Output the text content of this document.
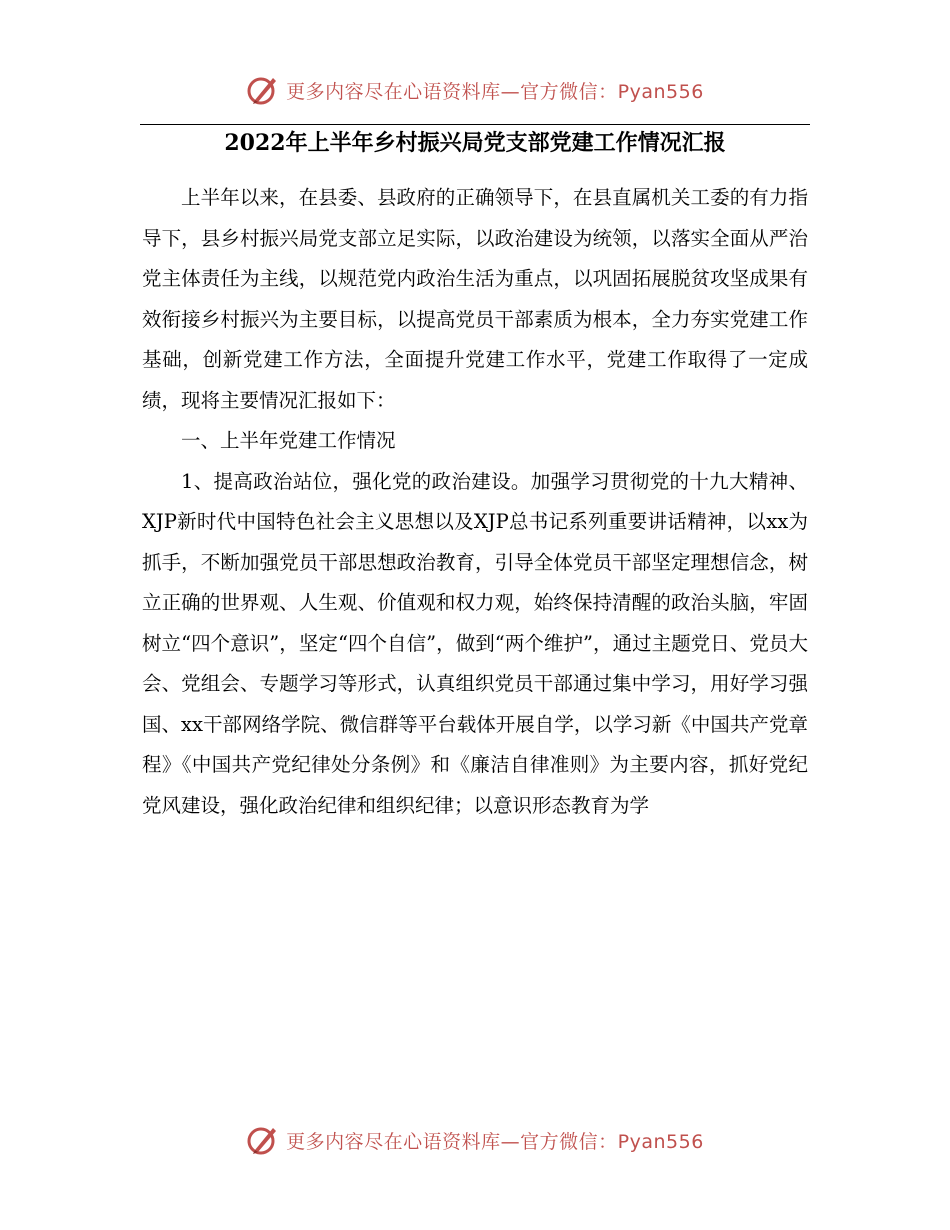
更多内容尽在心语资料库—官方微信：Pyan556
2022年上半年乡村振兴局党支部党建工作情况汇报

上半年以来，在县委、县政府的正确领导下，在县直属机关工委的有力指导下，县乡村振兴局党支部立足实际，以政治建设为统领，以落实全面从严治党主体责任为主线，以规范党内政治生活为重点，以巩固拓展脱贫攻坚成果有效衔接乡村振兴为主要目标，以提高党员干部素质为根本，全力夯实党建工作基础，创新党建工作方法，全面提升党建工作水平，党建工作取得了一定成绩，现将主要情况汇报如下：

一、上半年党建工作情况

1、提高政治站位，强化党的政治建设。加强学习贯彻党的十九大精神、XJP新时代中国特色社会主义思想以及XJP总书记系列重要讲话精神，以xx为抓手，不断加强党员干部思想政治教育，引导全体党员干部坚定理想信念，树立正确的世界观、人生观、价值观和权力观，始终保持清醒的政治头脑，牢固树立“四个意识”，坚定“四个自信”，做到“两个维护”，通过主题党日、党员大会、党组会、专题学习等形式，认真组织党员干部通过集中学习，用好学习强国、xx干部网络学院、微信群等平台载体开展自学，以学习新《中国共产党章程》《中国共产党纪律处分条例》和《廉洁自律准则》为主要内容，抓好党纪党风建设，强化政治纪律和组织纪律；以意识形态教育为学

更多内容尽在心语资料库—官方微信：Pyan556
